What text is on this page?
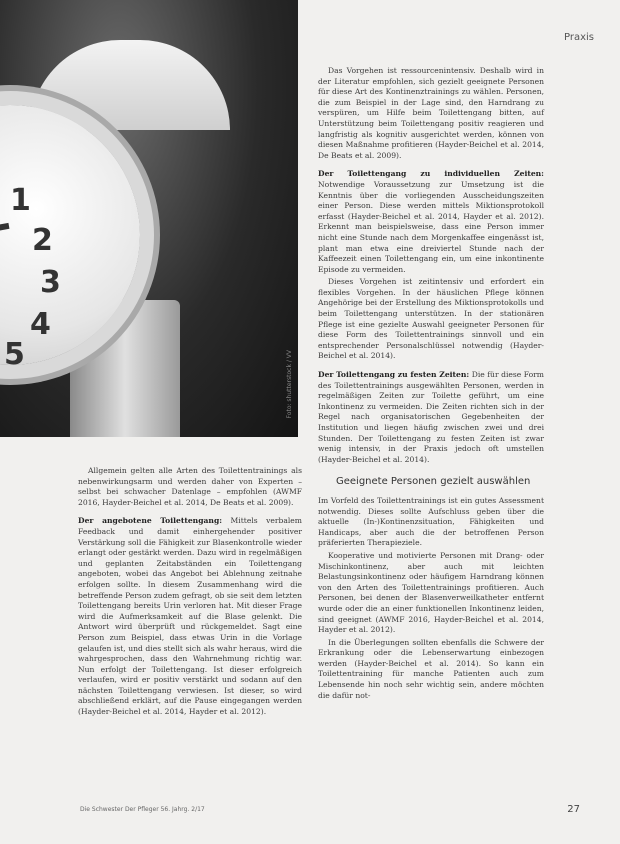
1
2
3
4
5	Foto: shutterstock / VV
Praxis

Das Vorgehen ist ressourcenintensiv. Deshalb wird in der Literatur empfohlen, sich gezielt geeignete Personen für diese Art des Kontinenztrainings zu wählen. Personen, die zum Beispiel in der Lage sind, den Harndrang zu verspüren, um Hilfe beim Toilettengang bitten, auf Unterstützung beim Toilettengang positiv reagieren und langfristig als kognitiv ausgerichtet werden, können von diesen Maßnahme profitieren (Hayder-Beichel et al. 2014, De Beats et al. 2009).

Der Toilettengang zu individuellen Zeiten: Notwendige Voraussetzung zur Umsetzung ist die Kenntnis über die vorliegenden Ausscheidungszeiten einer Person. Diese werden mittels Miktionsprotokoll erfasst (Hayder-Beichel et al. 2014, Hayder et al. 2012). Erkennt man beispielsweise, dass eine Person immer nicht eine Stunde nach dem Morgenkaffee eingenässt ist, plant man etwa eine dreiviertel Stunde nach der Kaffeezeit einen Toilettengang ein, um eine inkontinente Episode zu vermeiden.

Dieses Vorgehen ist zeitintensiv und erfordert ein flexibles Vorgehen. In der häuslichen Pflege können Angehörige bei der Erstellung des Miktionsprotokolls und beim Toilettengang unterstützen. In der stationären Pflege ist eine gezielte Auswahl geeigneter Personen für diese Form des Toilettentrainings sinnvoll und ein entsprechender Personalschlüssel notwendig (Hayder-Beichel et al. 2014).

Der Toilettengang zu festen Zeiten: Die für diese Form des Toilettentrainings ausgewählten Personen, werden in regelmäßigen Zeiten zur Toilette geführt, um eine Inkontinenz zu vermeiden. Die Zeiten richten sich in der Regel nach organisatorischen Gegebenheiten der Institution und liegen häufig zwischen zwei und drei Stunden. Der Toilettengang zu festen Zeiten ist zwar wenig intensiv, in der Praxis jedoch oft umstellen (Hayder-Beichel et al. 2014).

Geeignete Personen gezielt auswählen

Im Vorfeld des Toilettentrainings ist ein gutes Assessment notwendig. Dieses sollte Aufschluss geben über die aktuelle (In-)Kontinenzsituation, Fähigkeiten und Handicaps, aber auch die der betroffenen Person präferierten Therapieziele.

Kooperative und motivierte Personen mit Drang- oder Mischinkontinenz, aber auch mit leichten Belastungsinkontinenz oder häufigem Harndrang können von den Arten des Toilettentrainings profitieren. Auch Personen, bei denen der Blasenverweilkatheter entfernt wurde oder die an einer funktionellen Inkontinenz leiden, sind geeignet (AWMF 2016, Hayder-Beichel et al. 2014, Hayder et al. 2012).

In die Überlegungen sollten ebenfalls die Schwere der Erkrankung oder die Lebenserwartung einbezogen werden (Hayder-Beichel et al. 2014). So kann ein Toilettentraining für manche Patienten auch zum Lebensende hin noch sehr wichtig sein, andere möchten die dafür not-

Allgemein gelten alle Arten des Toilettentrainings als nebenwirkungsarm und werden daher von Experten – selbst bei schwacher Datenlage – empfohlen (AWMF 2016, Hayder-Beichel et al. 2014, De Beats et al. 2009).

Der angebotene Toilettengang: Mittels verbalem Feedback und damit einhergehender positiver Verstärkung soll die Fähigkeit zur Blasenkontrolle wieder erlangt oder gestärkt werden. Dazu wird in regelmäßigen und geplanten Zeitabständen ein Toilettengang angeboten, wobei das Angebot bei Ablehnung zeitnahe erfolgen sollte. In diesem Zusammenhang wird die betreffende Person zudem gefragt, ob sie seit dem letzten Toilettengang bereits Urin verloren hat. Mit dieser Frage wird die Aufmerksamkeit auf die Blase gelenkt. Die Antwort wird überprüft und rückgemeldet. Sagt eine Person zum Beispiel, dass etwas Urin in die Vorlage gelaufen ist, und dies stellt sich als wahr heraus, wird die wahrgesprochen, dass den Wahrnehmung richtig war. Nun erfolgt der Toilettengang. Ist dieser erfolgreich verlaufen, wird er positiv verstärkt und sodann auf den nächsten Toilettengang verwiesen. Ist dieser, so wird abschließend erklärt, auf die Pause eingegangen werden (Hayder-Beichel et al. 2014, Hayder et al. 2012).

Die Schwester Der Pfleger 56. Jahrg. 2/17	27
